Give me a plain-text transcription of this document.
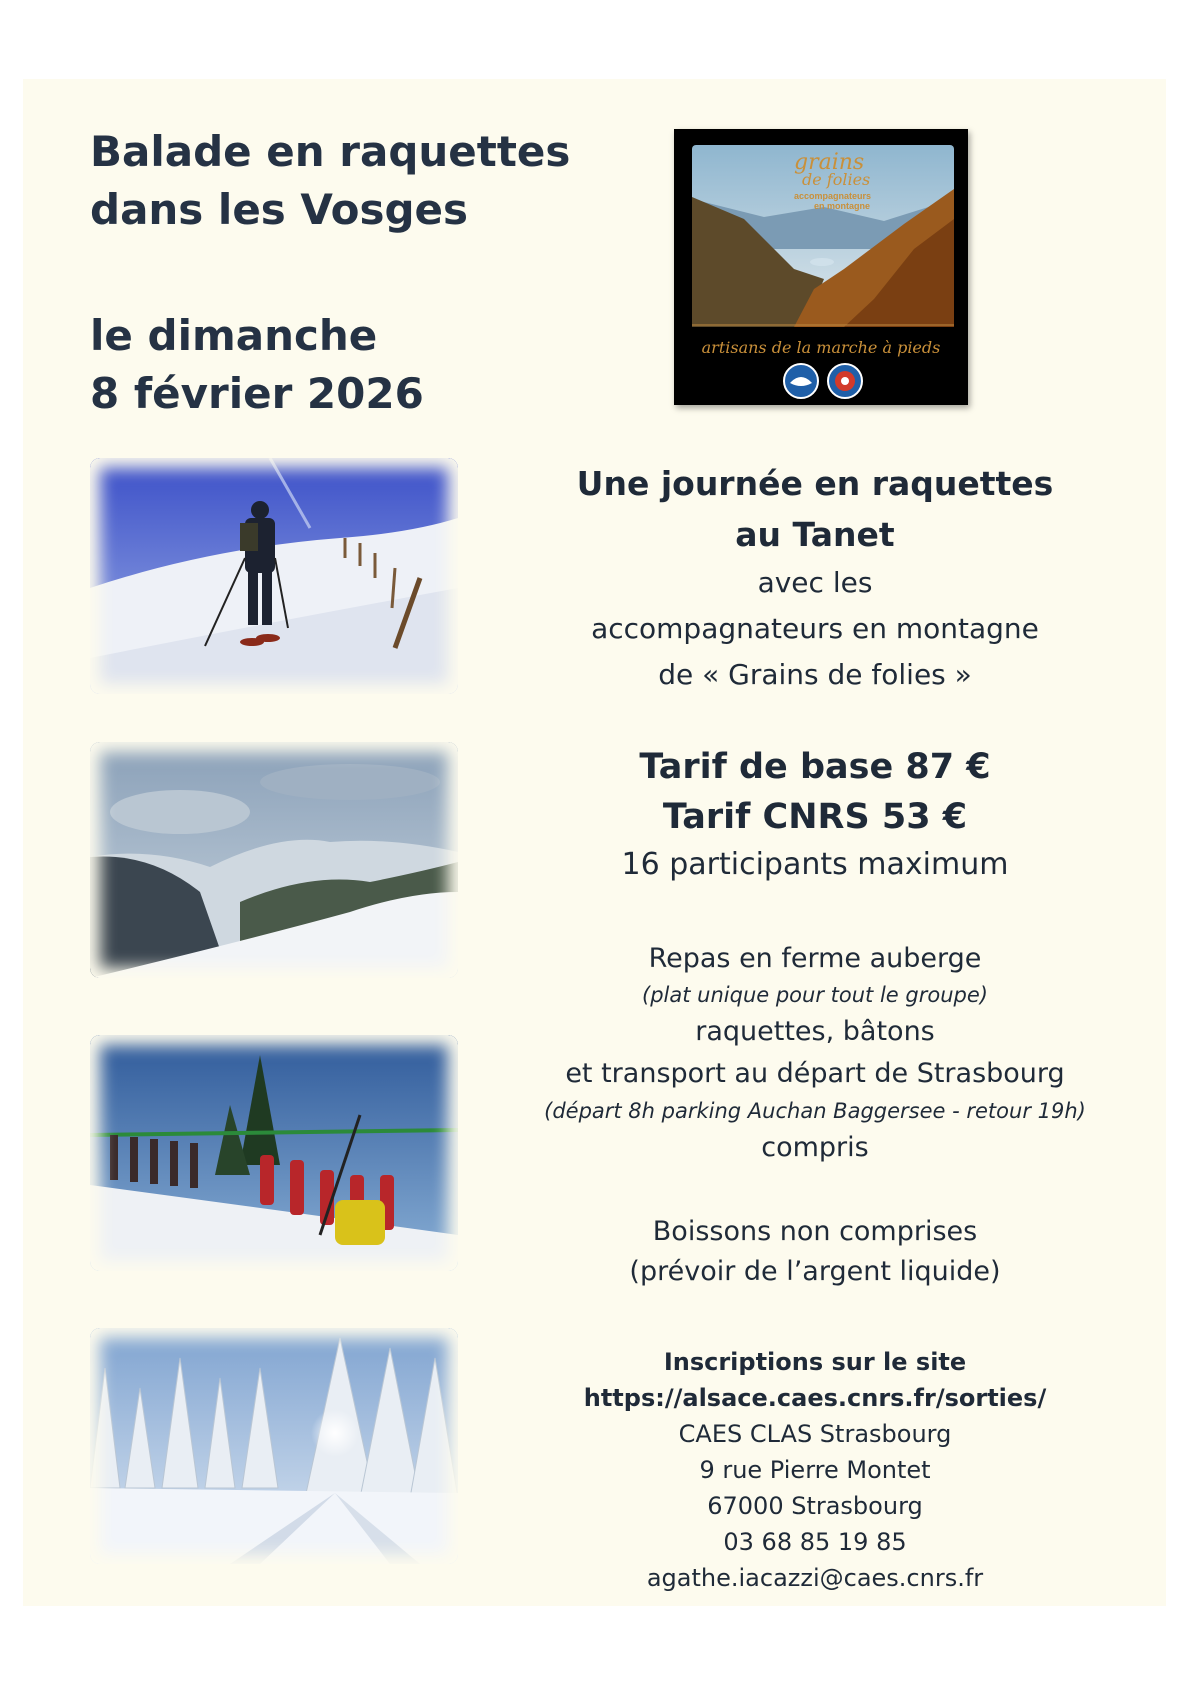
Balade en raquettes
dans les Vosges
le dimanche
8 février 2026
grains
de folies
accompagnateurs
en montagne
artisans de la marche à pieds
Une journée en raquettes
au Tanet
avec les
accompagnateurs en montagne
de « Grains de folies »
Tarif de base 87 €
Tarif CNRS 53 €
16 participants maximum
Repas en ferme auberge
(plat unique pour tout le groupe)
raquettes, bâtons
et transport au départ de Strasbourg
(départ 8h parking Auchan Baggersee - retour 19h)
compris
Boissons non comprises
(prévoir de l’argent liquide)
Inscriptions sur le site
https://alsace.caes.cnrs.fr/sorties/
CAES CLAS Strasbourg
9 rue Pierre Montet
67000 Strasbourg
03 68 85 19 85
agathe.iacazzi@caes.cnrs.fr
